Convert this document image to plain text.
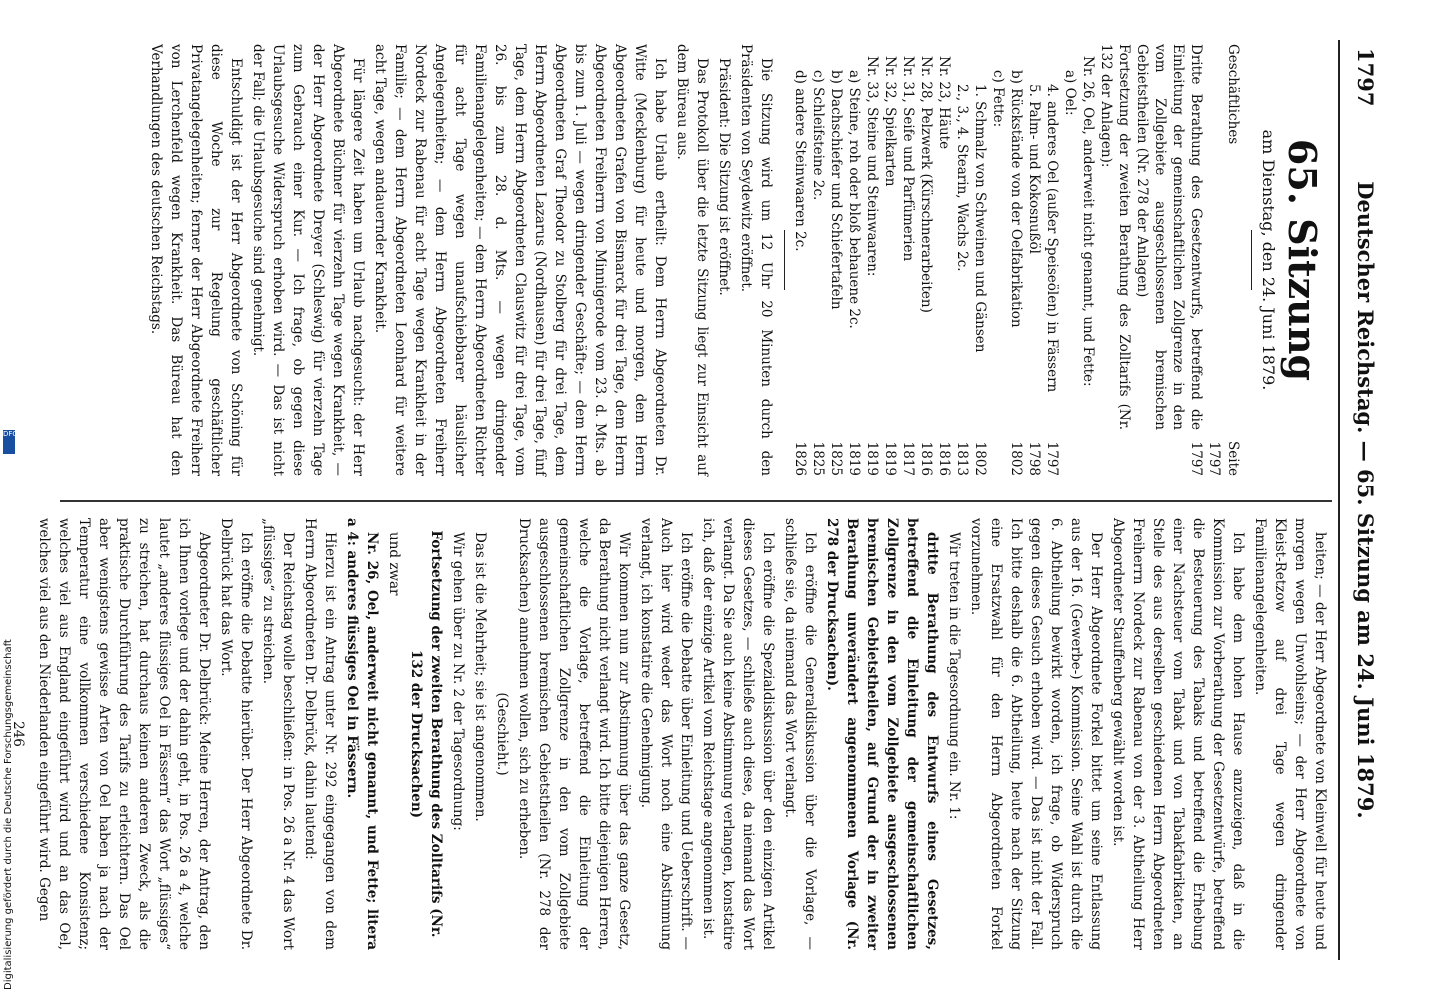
1797
Deutscher Reichstag. — 65. Sitzung am 24. Juni 1879.

65. Sitzung

am Dienstag, den 24. Juni 1879.

Geschäftliches
Seite
1797
Dritte Berathung des Gesetzentwurfs, betreffend die Einleitung der gemeinschaftlichen Zollgrenze in den vom Zollgebiete ausgeschlossenen bremischen Gebietstheilen (Nr. 278 der Anlagen)
1797
Fortsetzung der zweiten Berathung des Zolltarifs (Nr. 132 der Anlagen):
Nr. 26, Oel, anderweit nicht genannt, und Fette:
a) Oel:
4. anderes Oel (außer Speiseölen) in Fässern
1797
5. Palm- und Kokosnußöl
1798
b) Rückstände von der Oelfabrikation
1802
c) Fette:
1. Schmalz von Schweinen und Gänsen
1802
2., 3., 4. Stearin, Wachs 2c.
1813
Nr. 23, Häute
1816
Nr. 28, Pelzwerk (Kürschnerarbeiten)
1816
Nr. 31, Seife und Parfümerien
1817
Nr. 32, Spielkarten
1819
Nr. 33, Steine und Steinwaaren:
1819
a) Steine, roh oder bloß behauene 2c.
1819
b) Dachschiefer und Schiefertafeln
1825
c) Schleifsteine 2c.
1825
d) andere Steinwaaren 2c.
1826

Die Sitzung wird um 12 Uhr 20 Minuten durch den Präsidenten von Seydewitz eröffnet.

Präsident: Die Sitzung ist eröffnet.

Das Protokoll über die letzte Sitzung liegt zur Einsicht auf dem Büreau aus.

Ich habe Urlaub ertheilt: Dem Herrn Abgeordneten Dr. Witte (Mecklenburg) für heute und morgen, dem Herrn Abgeordneten Grafen von Bismarck für drei Tage, dem Herrn Abgeordneten Freiherrn von Minnigerode vom 23. d. Mts. ab bis zum 1. Juli — wegen dringender Geschäfte; — dem Herrn Abgeordneten Graf Theodor zu Stolberg für drei Tage, dem Herrn Abgeordneten Lazarus (Nordhausen) für drei Tage, fünf Tage, dem Herrn Abgeordneten Clauswitz für drei Tage, vom 26. bis zum 28. d. Mts. — wegen dringender Familienangelegenheiten; — dem Herrn Abgeordneten Richter für acht Tage wegen unaufschiebbarer häuslicher Angelegenheiten; — dem Herrn Abgeordneten Freiherr Nordeck zur Rabenau für acht Tage wegen Krankheit in der Familie; — dem Herrn Abgeordneten Leonhard für weitere acht Tage, wegen andauernder Krankheit.

Für längere Zeit haben um Urlaub nachgesucht: der Herr Abgeordnete Büchner für vierzehn Tage wegen Krankheit, — der Herr Abgeordnete Dreyer (Schleswig) für vierzehn Tage zum Gebrauch einer Kur. — Ich frage, ob gegen diese Urlaubsgesuche Widerspruch erhoben wird. — Das ist nicht der Fall; die Urlaubsgesuche sind genehmigt.

Entschuldigt ist der Herr Abgeordnete von Schöning für diese Woche zur Regelung geschäftlicher Privatangelegenheiten; ferner der Herr Abgeordnete Freiherr von Lerchenfeld wegen Krankheit. Das Büreau hat den Verhandlungen des deutschen Reichstags.

heiten; — der Herr Abgeordnete von Kleinwell für heute und morgen wegen Unwohlseins; — der Herr Abgeordnete von Kleist-Retzow auf drei Tage wegen dringender Familienangelegenheiten.

Ich habe dem hohen Hause anzuzeigen, daß in die Kommission zur Vorberathung der Gesetzentwürfe, betreffend die Besteuerung des Tabaks und betreffend die Erhebung einer Nachsteuer vom Tabak und von Tabakfabrikaten, an Stelle des aus derselben geschiedenen Herrn Abgeordneten Freiherrn Nordeck zur Rabenau von der 3. Abtheilung Herr Abgeordneter Stauffenberg gewählt worden ist.

Der Herr Abgeordnete Forkel bittet um seine Entlassung aus der 16. (Gewerbe-) Kommission. Seine Wahl ist durch die 6. Abtheilung bewirkt worden, ich frage, ob Widerspruch gegen dieses Gesuch erhoben wird. — Das ist nicht der Fall. Ich bitte deshalb die 6. Abtheilung, heute nach der Sitzung eine Ersatzwahl für den Herrn Abgeordneten Forkel vorzunehmen.

Wir treten in die Tagesordnung ein. Nr. 1:

dritte Berathung des Entwurfs eines Gesetzes, betreffend die Einleitung der gemeinschaftlichen Zollgrenze in den vom Zollgebiete ausgeschlossenen bremischen Gebietstheilen, auf Grund der in zweiter Berathung unverändert angenommenen Vorlage (Nr. 278 der Drucksachen).

Ich eröffne die Generaldiskussion über die Vorlage, — schließe sie, da niemand das Wort verlangt.

Ich eröffne die Spezialdiskussion über den einzigen Artikel dieses Gesetzes, — schließe auch diese, da niemand das Wort verlangt. Da Sie auch keine Abstimmung verlangen, konstatire ich, daß der einzige Artikel vom Reichstage angenommen ist.

Ich eröffne die Debatte über Einleitung und Ueberschrift. — Auch hier wird weder das Wort noch eine Abstimmung verlangt, ich konstatire die Genehmigung.

Wir kommen nun zur Abstimmung über das ganze Gesetz, da Berathung nicht verlangt wird. Ich bitte diejenigen Herren, welche die Vorlage, betreffend die Einleitung der gemeinschaftlichen Zollgrenze in den vom Zollgebiete ausgeschlossenen bremischen Gebietstheilen (Nr. 278 der Drucksachen) annehmen wollen, sich zu erheben.

(Geschieht.)

Das ist die Mehrheit; sie ist angenommen.

Wir gehen über zu Nr. 2 der Tagesordnung:

Fortsetzung der zweiten Berathung des Zolltarifs (Nr. 132 der Drucksachen)

und zwar

Nr. 26, Oel, anderweit nicht genannt, und Fette; litera a 4: anderes flüssiges Oel in Fässern.

Hierzu ist ein Antrag unter Nr. 292 eingegangen von dem Herrn Abgeordneten Dr. Delbrück, dahin lautend:

Der Reichstag wolle beschließen: in Pos. 26 a Nr. 4 das Wort „flüssiges“ zu streichen.

Ich eröffne die Debatte hierüber. Der Herr Abgeordnete Dr. Delbrück hat das Wort.

Abgeordneter Dr. Delbrück: Meine Herren, der Antrag, den ich Ihnen vorlege und der dahin geht, in Pos. 26 a 4, welche lautet „anderes flüssiges Oel in Fässern“ das Wort „flüssiges“ zu streichen, hat durchaus keinen anderen Zweck, als die praktische Durchführung des Tarifs zu erleichtern. Das Oel aber wenigstens gewisse Arten von Oel haben ja nach der Temperatur eine vollkommen verschiedene Konsistenz; welches viel aus England eingeführt wird und an das Oel, welches viel aus den Niederlanden eingeführt wird. Gegen

246

DFG
Digitalisierung gefördert durch die Deutsche Forschungsgemeinschaft
